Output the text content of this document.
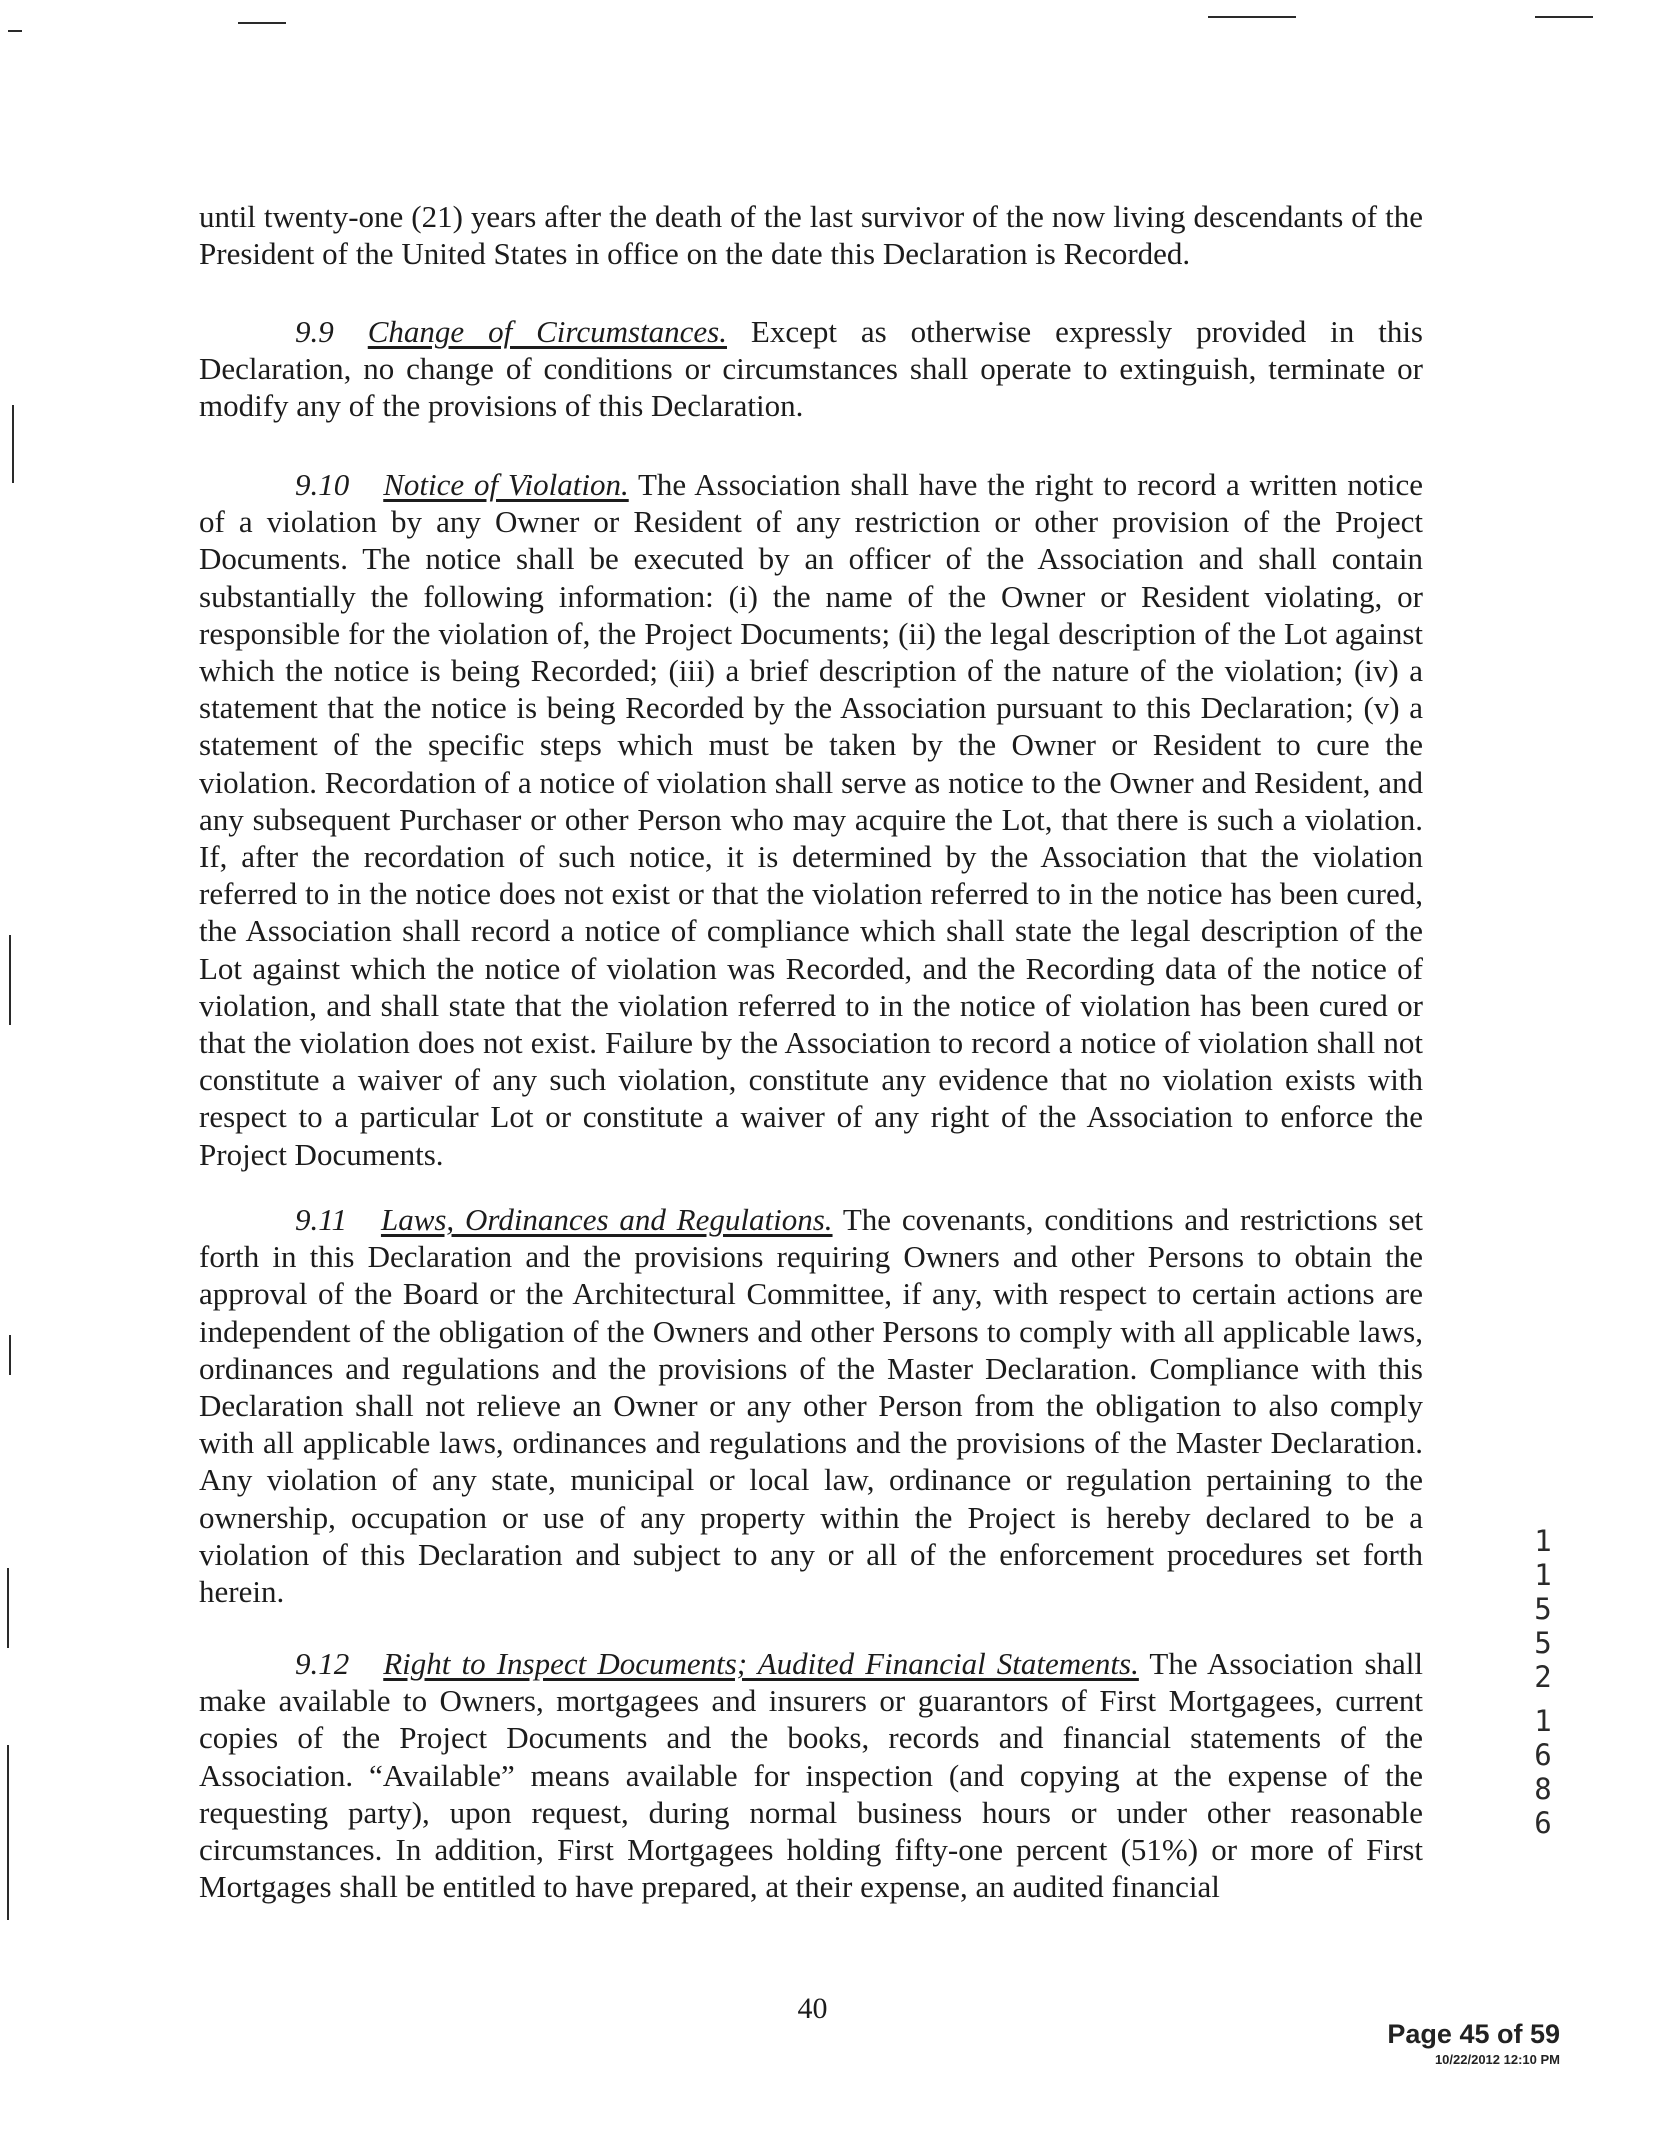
until twenty-one (21) years after the death of the last survivor of the now living descendants of the President of the United States in office on the date this Declaration is Recorded.

9.9 Change of Circumstances. Except as otherwise expressly provided in this Declaration, no change of conditions or circumstances shall operate to extinguish, terminate or modify any of the provisions of this Declaration.

9.10 Notice of Violation. The Association shall have the right to record a written notice of a violation by any Owner or Resident of any restriction or other provision of the Project Documents. The notice shall be executed by an officer of the Association and shall contain substantially the following information: (i) the name of the Owner or Resident violating, or responsible for the violation of, the Project Documents; (ii) the legal description of the Lot against which the notice is being Recorded; (iii) a brief description of the nature of the violation; (iv) a statement that the notice is being Recorded by the Association pursuant to this Declaration; (v) a statement of the specific steps which must be taken by the Owner or Resident to cure the violation. Recordation of a notice of violation shall serve as notice to the Owner and Resident, and any subsequent Purchaser or other Person who may acquire the Lot, that there is such a violation. If, after the recordation of such notice, it is determined by the Association that the violation referred to in the notice does not exist or that the violation referred to in the notice has been cured, the Association shall record a notice of compliance which shall state the legal description of the Lot against which the notice of violation was Recorded, and the Recording data of the notice of violation, and shall state that the violation referred to in the notice of violation has been cured or that the violation does not exist. Failure by the Association to record a notice of violation shall not constitute a waiver of any such violation, constitute any evidence that no violation exists with respect to a particular Lot or constitute a waiver of any right of the Association to enforce the Project Documents.

9.11 Laws, Ordinances and Regulations. The covenants, conditions and restrictions set forth in this Declaration and the provisions requiring Owners and other Persons to obtain the approval of the Board or the Architectural Committee, if any, with respect to certain actions are independent of the obligation of the Owners and other Persons to comply with all applicable laws, ordinances and regulations and the provisions of the Master Declaration. Compliance with this Declaration shall not relieve an Owner or any other Person from the obligation to also comply with all applicable laws, ordinances and regulations and the provisions of the Master Declaration. Any violation of any state, municipal or local law, ordinance or regulation pertaining to the ownership, occupation or use of any property within the Project is hereby declared to be a violation of this Declaration and subject to any or all of the enforcement procedures set forth herein.

9.12 Right to Inspect Documents; Audited Financial Statements. The Association shall make available to Owners, mortgagees and insurers or guarantors of First Mortgagees, current copies of the Project Documents and the books, records and financial statements of the Association. “Available” means available for inspection (and copying at the expense of the requesting party), upon request, during normal business hours or under other reasonable circumstances. In addition, First Mortgagees holding fifty-one percent (51%) or more of First Mortgages shall be entitled to have prepared, at their expense, an audited financial

1
1
5
5
2
1
6
8
6
40
Page 45 of 59
10/22/2012 12:10 PM
